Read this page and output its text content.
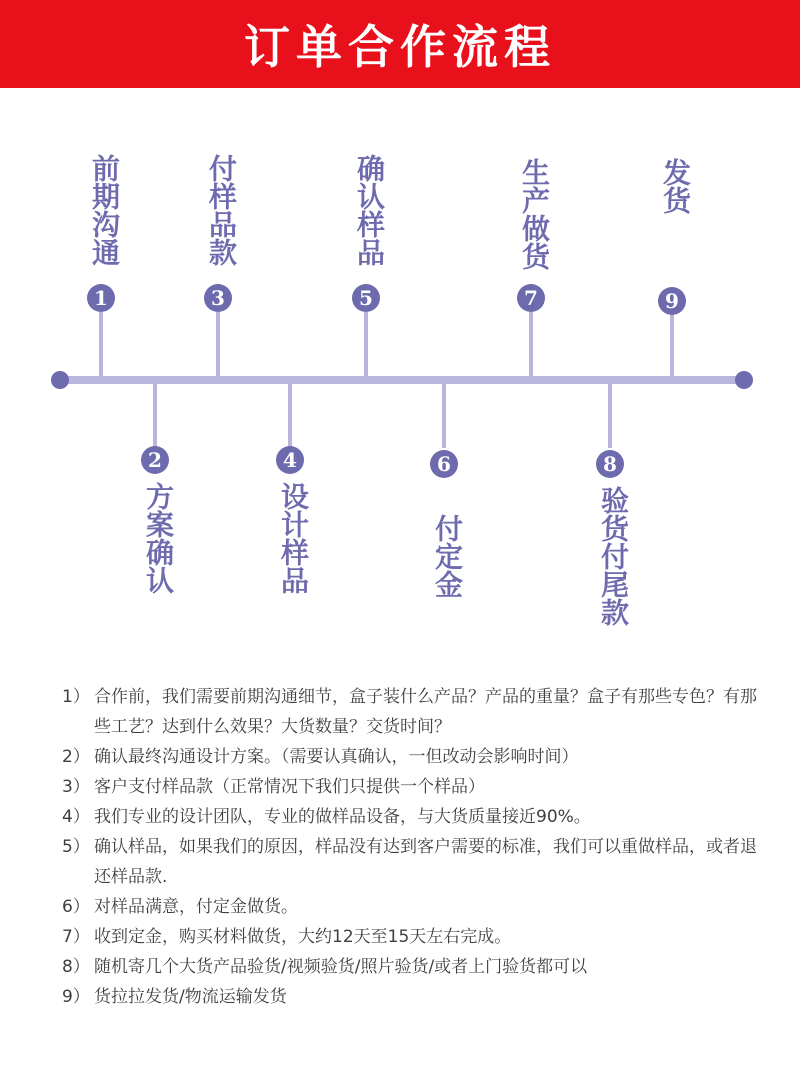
订单合作流程
1
前期沟通
3
付样品款
5
确认样品
7
生产做货
9
发货
2
方案确认
4
设计样品
6
付定金
8
验货付尾款
1） 合作前，我们需要前期沟通细节，盒子装什么产品？产品的重量？盒子有那些专色？有那些工艺？达到什么效果？大货数量？交货时间？
2） 确认最终沟通设计方案。（需要认真确认，一但改动会影响时间）
3） 客户支付样品款（正常情况下我们只提供一个样品）
4） 我们专业的设计团队，专业的做样品设备，与大货质量接近90%。
5） 确认样品，如果我们的原因，样品没有达到客户需要的标准，我们可以重做样品，或者退还样品款.
6） 对样品满意，付定金做货。
7） 收到定金，购买材料做货，大约12天至15天左右完成。
8） 随机寄几个大货产品验货/视频验货/照片验货/或者上门验货都可以
9） 货拉拉发货/物流运输发货
